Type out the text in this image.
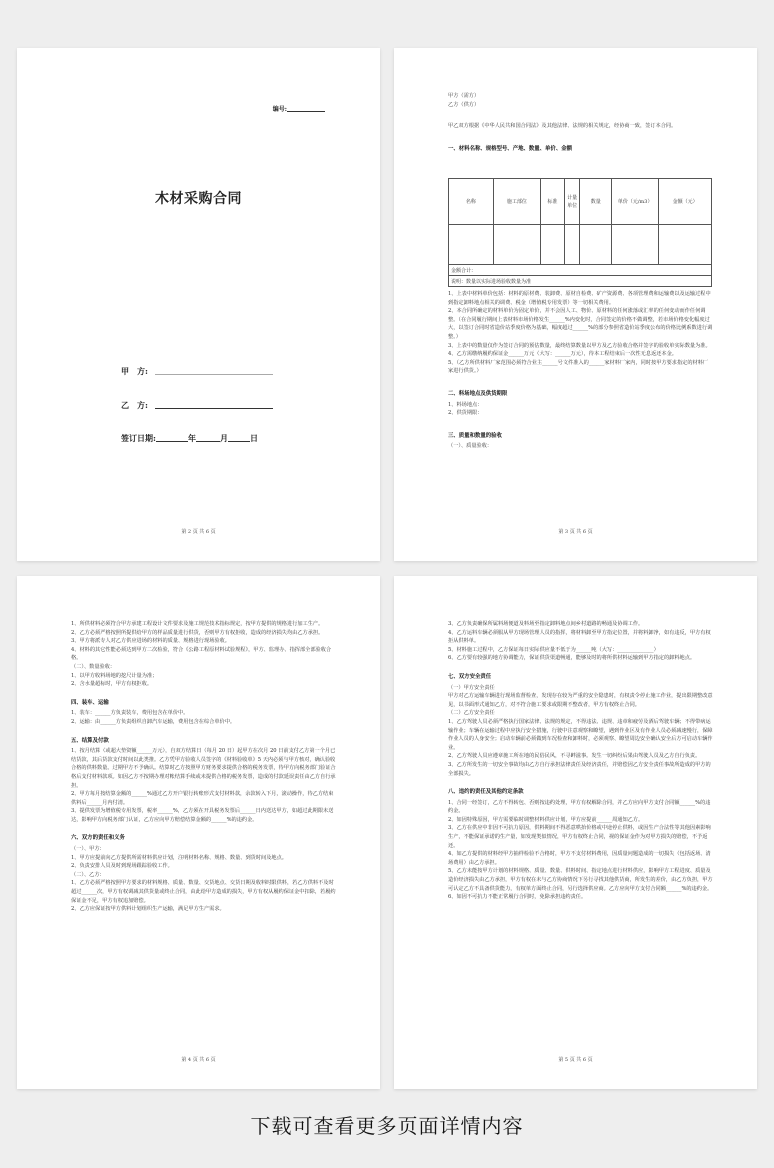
编号:
木材采购合同
甲　方:
乙　方:
签订日期:	年	月	日
第 2 页 共 6 页

甲方（需方）

乙方（供方）

甲乙双方根据《中华人民共和国合同法》及其他法律、法规的相关规定，经协商一致，签订本合同。

一、材料名称、规格型号、产地、数量、单价、金额

名称	施工部位	标准	计量单位	数量	单价（元/m3）	金额（元）

金额合计：						
说明：数量以实际进场验收数量为准						

1、上表中材料单价包括：材料的原材费、装卸费、原材自检费、矿产资源费、各项管理费和运输费以及运输过程中到指定卸料地点相关的调费、税金（增值税专用发票）等一切相关费用。

2、本合同所确定的材料单价为固定单价，并不会因人工、物价、原材料的任何涨落或汇率的任何变动而作任何调整。（在合同履行期间上表材料市场价格发生______%内变化时，合同签定的价格不做调整，若市场价格变化幅度过大，以签订合同时省造价站季度价格为基础，幅度超过______%的部分参照省造价站季度公布的价格比例系数进行调整。）

3、上表中的数量仅作为签订合同的预估数量，最终结算数量以甲方及乙方验收合格并签字的验收单实际数量为准。

4、乙方需缴纳履约保证金______万元（大写：______万元），待本工程结束后一次性无息返还本金。

5、（乙方所供材料厂家范围必须符合业主______号文件准入的______家材料厂家内，同时按甲方要求指定的材料厂家进行供货。）

二、料场地点及供货期限

1、料场地点：

2、供货期限：

三、质量和数量的验收

（一）、质量验收：

第 3 页 共 6 页

1、所供材料必须符合甲方承建工程设计文件要求及施工规范技术指标规定，按甲方提供的规格进行加工生产。

2、乙方必须严格按照所提供给甲方的样品质量进行供货，否则甲方有权拒收，造成的经济损失均由乙方承担。

3、甲方将派专人对乙方供应进场的材料的质量、规格进行现场验收。

4、材料的其它性能必须达到甲方二次检验，符合《公路工程原材料试验规程》，甲方、监理办、指挥部全部验收合格。

（二）、数量验收：

1、以甲方收料场地的挖尺计量为准；

2、含水量超标时，甲方有权拒收。

四、装车、运输

1、装车：______方负责装车，费用包含在单价中。

2、运输：由______方负责组织自卸汽车运输，费用包含在综合单价中。

五、结算及付款

1、按月结算（或超大垫资额______万元），自双方结算日（每月 20 日）起甲方在次月 20 日前支付乙方第一个月已结货款，其后货款支付时间以此类推。乙方凭甲方验收人员签字的《材料验收单》5 天内必须与甲方核对，确认验收合格的供料数量。过期甲方不予确认。结算时乙方按照甲方财务要求提供合格的税务发票，待甲方向税务部门验证合格后支付材料款项。如因乙方不按期办理对帐结算手续或未提供合格的税务发票，造成的付款延误责任由乙方自行承担。

2、甲方每月按结算金额的______%通过乙方开户银行转账形式支付材料款，余款转入下月，滚动操作，待乙方结束供料后______月内付清。

3、提供发票为增值税专用发票，税率______%，乙方须在开具税务发票后______日内送达甲方，如超过此期限未送达，影响甲方向税务部门认证，乙方应向甲方赔偿结算金额的______%的违约金。

六、双方的责任和义务

（一）、甲方：

1、甲方应提前向乙方提供所需材料供应计划，注明材料名称、规格、数量、到货时间及地点。

2、负责安排人员及时到现场跟踪验收工作。

（二）、乙方：

1、乙方必须严格按照甲方要求的材料规格、质量、数量、交货地点、交货日期及收料时限供料，若乙方供料不及时超过______次，甲方有权调减其供货量或终止合同，由此给甲方造成的损失，甲方有权从履约保证金中扣除，若履约保证金不足，甲方有权追加赔偿。

2、乙方应保证按甲方供料计划组织生产运输，满足甲方生产需求。

第 4 页 共 6 页

3、乙方负责确保所属料场便道及料场至指定卸料地点间乡村道路的畅通及协调工作。

4、乙方运料车辆必须服从甲方现场管理人员的指挥，将材料卸至甲方指定位置，并将料卸净，如有违反，甲方有权拒从供料单。

5、材料施工过程中，乙方保证每日实际供应量不低于为______吨（大写：______________）

6、乙方要有较强的地方协调能力，保证供货渠道畅通，能够及时的将所供材料运输到甲方指定的卸料地点。

七、双方安全责任

（一）甲方安全责任

甲方对乙方运输车辆进行现场监督检查，发现存在较为严重的安全隐患时，有权责令停止施工作业，提出限期整改意见，以书面形式通知乙方，对不符合施工要求或限期不整改者，甲方有权终止合同。

（二）乙方安全责任

1、乙方驾驶人员必须严格执行国家法律、法规的规定，不得违法、违规、违章和疲劳及酒后驾驶车辆；不得带病运输作业；车辆在运输过程中应执行安全措施，行驶中注意观察和瞭望，遇到作业区及有作业人员必须减速慢行，保障作业人员的人身安全；启动车辆前必须做到车况检查和卸料时，必须观察、瞭望周边安全确认安全后方可启动车辆作业。

2、乙方驾驶人员应遵章施工所在地的民俗民风，不寻衅滋事。发生一切纠纷后果由驾驶人员及乙方自行负责。

3、乙方所发生的一切安全事故均由乙方自行承担法律责任及经济责任，并赔偿因乙方安全责任事故所造成的甲方的全部损失。

八、违约的责任及其他约定条款

1、合同一经签订，乙方不得转包、否则按违约处理，甲方有权解除合同，并乙方应向甲方支付合同额______%的违约金。

2、如因特殊原因，甲方需要临时调整材料供应计划，甲方应提前______周通知乙方。

3、乙方在供应中非因不可抗力原因，供料期间不得恶意哄抬价格或中途停止供料，或因生产合法性等其他因素影响生产，不能保证承诺的生产量，如发现类似情况，甲方有权终止合同，视的保证金作为对甲方损失的赔偿，不予返还。

4、如乙方提供的材料经甲方抽样检验不合格时，甲方不支付材料费用，因质量问题造成的一切损失（包括返场、清场费用）由乙方承担。

5、乙方未能按甲方计划的材料规格、质量、数量、供料时间、指定地点进行材料供应，影响甲方工程进度、质量及造价经济损失由乙方承担，甲方有权在未与乙方协商情况下另行寻找其他供货商，所发生的差价，由乙方负担，甲方可认定乙方不具备供货能力，有权单方面终止合同，另行选择供应商。乙方应向甲方支付合同额______%的违约金。

6、如因不可抗力不能正常履行合同时，免除承担违约责任。

第 5 页 共 6 页
下载可查看更多页面详情内容
